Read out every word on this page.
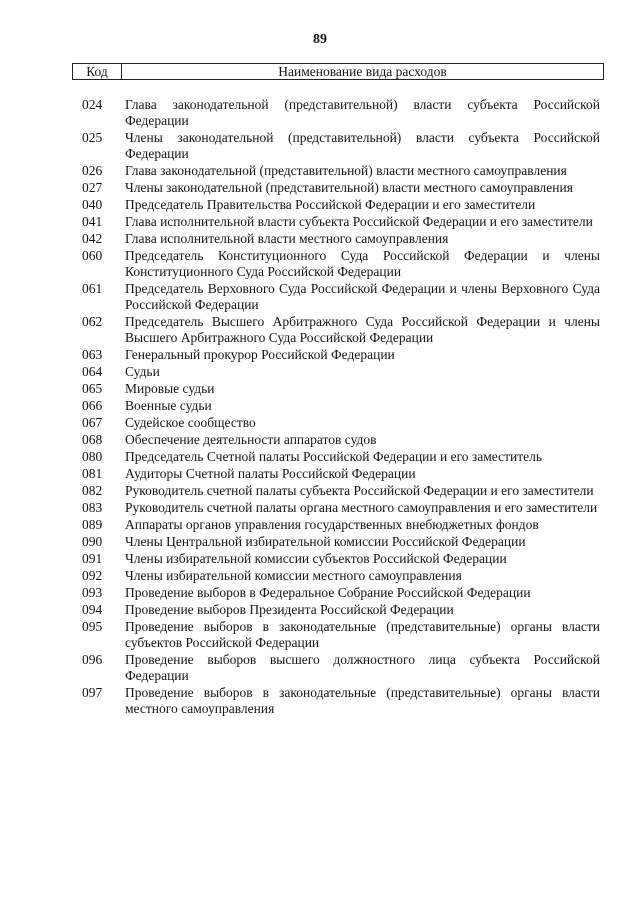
89
Код	Наименование вида расходов
024	Глава законодательной (представительной) власти субъекта Российской Федерации
025	Члены законодательной (представительной) власти субъекта Российской Федерации
026	Глава законодательной (представительной) власти местного самоуправления
027	Члены законодательной (представительной) власти местного самоуправления
040	Председатель Правительства Российской Федерации и его заместители
041	Глава исполнительной власти субъекта Российской Федерации и его заместители
042	Глава исполнительной власти местного самоуправления
060	Председатель Конституционного Суда Российской Федерации и члены Конституционного Суда Российской Федерации
061	Председатель Верховного Суда Российской Федерации и члены Верховного Суда Российской Федерации
062	Председатель Высшего Арбитражного Суда Российской Федерации и члены Высшего Арбитражного Суда Российской Федерации
063	Генеральный прокурор Российской Федерации
064	Судьи
065	Мировые судьи
066	Военные судьи
067	Судейское сообщество
068	Обеспечение деятельности аппаратов судов
080	Председатель Счетной палаты Российской Федерации и его заместитель
081	Аудиторы Счетной палаты Российской Федерации
082	Руководитель счетной палаты субъекта Российской Федерации и его заместители
083	Руководитель счетной палаты органа местного самоуправления и его заместители
089	Аппараты органов управления государственных внебюджетных фондов
090	Члены Центральной избирательной комиссии Российской Федерации
091	Члены избирательной комиссии субъектов Российской Федерации
092	Члены избирательной комиссии местного самоуправления
093	Проведение выборов в Федеральное Собрание Российской Федерации
094	Проведение выборов Президента Российской Федерации
095	Проведение выборов в законодательные (представительные) органы власти субъектов Российской Федерации
096	Проведение выборов высшего должностного лица субъекта Российской Федерации
097	Проведение выборов в законодательные (представительные) органы власти местного самоуправления
